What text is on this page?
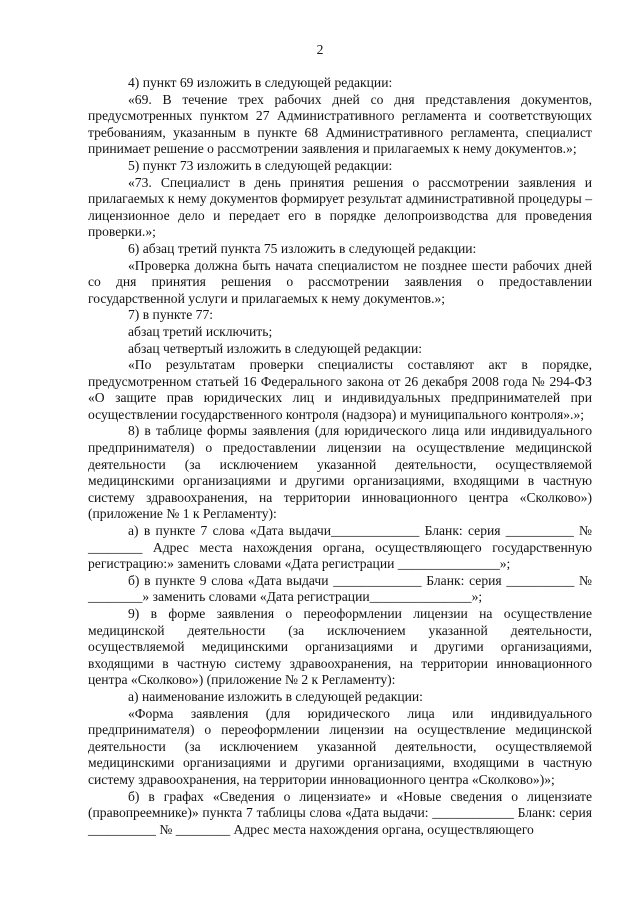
2

4) пункт 69 изложить в следующей редакции:

«69. В течение трех рабочих дней со дня представления документов, предусмотренных пунктом 27 Административного регламента и соответствующих требованиям, указанным в пункте 68 Административного регламента, специалист принимает решение о рассмотрении заявления и прилагаемых к нему документов.»;

5) пункт 73 изложить в следующей редакции:

«73. Специалист в день принятия решения о рассмотрении заявления и прилагаемых к нему документов формирует результат административной процедуры – лицензионное дело и передает его в порядке делопроизводства для проведения проверки.»;

6) абзац третий пункта 75 изложить в следующей редакции:

«Проверка должна быть начата специалистом не позднее шести рабочих дней со дня принятия решения о рассмотрении заявления о предоставлении государственной услуги и прилагаемых к нему документов.»;

7) в пункте 77:

абзац третий исключить;

абзац четвертый изложить в следующей редакции:

«По результатам проверки специалисты составляют акт в порядке, предусмотренном статьей 16 Федерального закона от 26 декабря 2008 года № 294-ФЗ «О защите прав юридических лиц и индивидуальных предпринимателей при осуществлении государственного контроля (надзора) и муниципального контроля».»;

8) в таблице формы заявления (для юридического лица или индивидуального предпринимателя) о предоставлении лицензии на осуществление медицинской деятельности (за исключением указанной деятельности, осуществляемой медицинскими организациями и другими организациями, входящими в частную систему здравоохранения, на территории инновационного центра «Сколково») (приложение № 1 к Регламенту):

а) в пункте 7 слова «Дата выдачи_____________ Бланк: серия __________ № ________ Адрес места нахождения органа, осуществляющего государственную регистрацию:» заменить словами «Дата регистрации _______________»;

б) в пункте 9 слова «Дата выдачи _____________ Бланк: серия __________ № ________» заменить словами «Дата регистрации_______________»;

9) в форме заявления о переоформлении лицензии на осуществление медицинской деятельности (за исключением указанной деятельности, осуществляемой медицинскими организациями и другими организациями, входящими в частную систему здравоохранения, на территории инновационного центра «Сколково») (приложение № 2 к Регламенту):

а) наименование изложить в следующей редакции:

«Форма заявления (для юридического лица или индивидуального предпринимателя) о переоформлении лицензии на осуществление медицинской деятельности (за исключением указанной деятельности, осуществляемой медицинскими организациями и другими организациями, входящими в частную систему здравоохранения, на территории инновационного центра «Сколково»)»;

б) в графах «Сведения о лицензиате» и «Новые сведения о лицензиате (правопреемнике)» пункта 7 таблицы слова «Дата выдачи: ____________ Бланк: серия __________ № ________ Адрес места нахождения органа, осуществляющего
